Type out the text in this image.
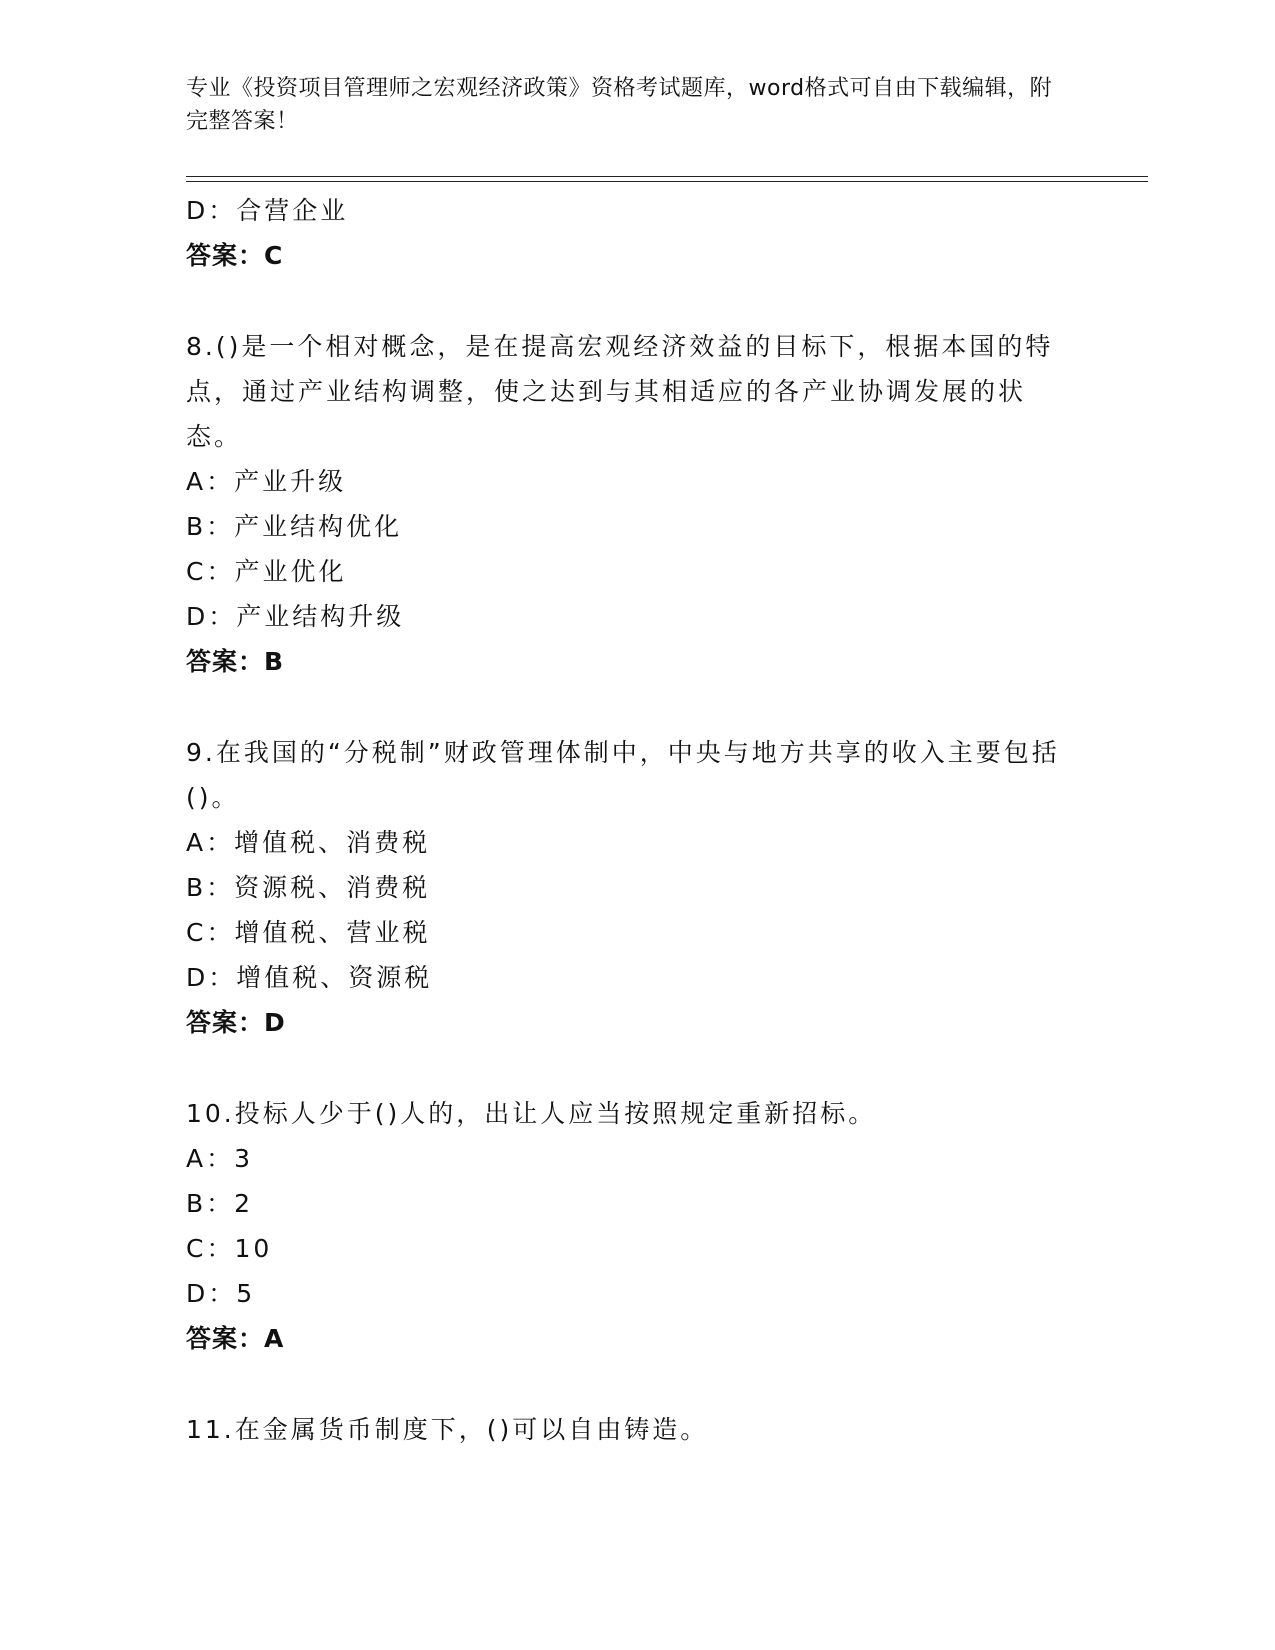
专业《投资项目管理师之宏观经济政策》资格考试题库，word格式可自由下载编辑，附完整答案！
D：合营企业
答案：C
8.()是一个相对概念，是在提高宏观经济效益的目标下，根据本国的特点，通过产业结构调整，使之达到与其相适应的各产业协调发展的状态。
A：产业升级
B：产业结构优化
C：产业优化
D：产业结构升级
答案：B
9.在我国的“分税制”财政管理体制中，中央与地方共享的收入主要包括()。
A：增值税、消费税
B：资源税、消费税
C：增值税、营业税
D：增值税、资源税
答案：D
10.投标人少于()人的，出让人应当按照规定重新招标。
A：3
B：2
C：10
D：5
答案：A
11.在金属货币制度下，()可以自由铸造。
